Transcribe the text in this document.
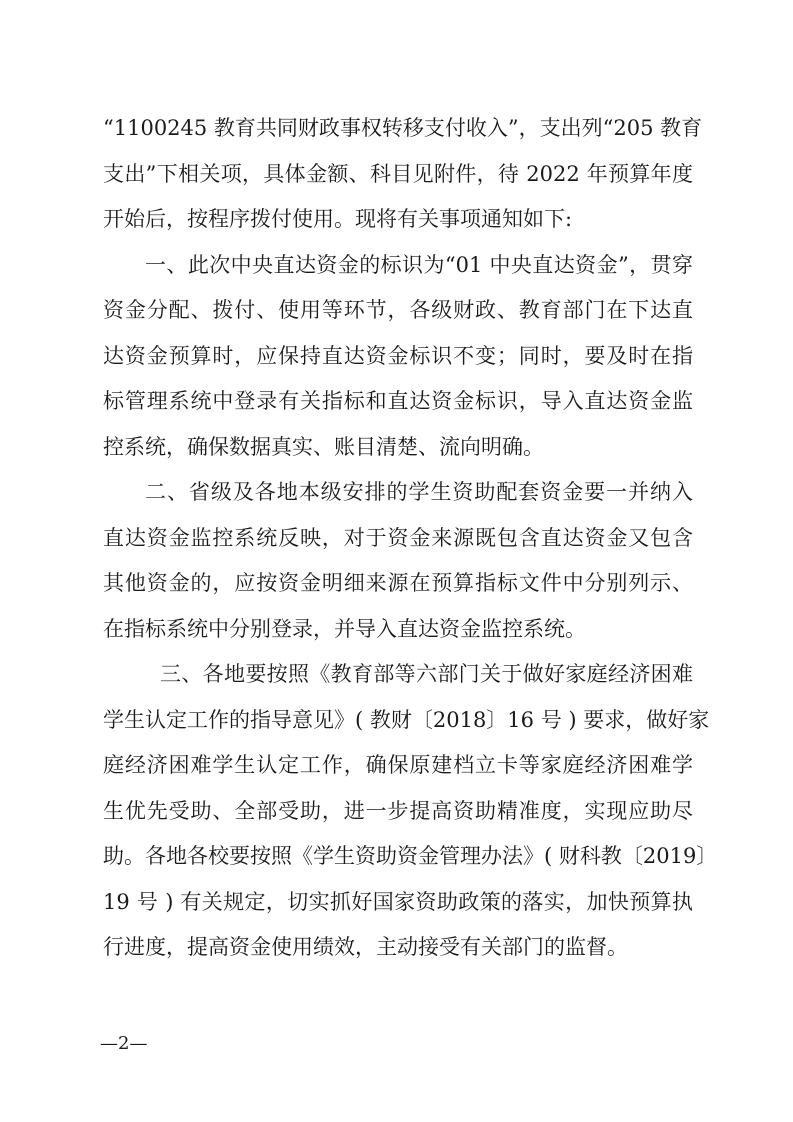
“1100245 教育共同财政事权转移支付收入”，支出列“205 教育
支出”下相关项，具体金额、科目见附件，待 2022 年预算年度
开始后，按程序拨付使用。现将有关事项通知如下:
一、此次中央直达资金的标识为“01 中央直达资金”，贯穿
资金分配、拨付、使用等环节，各级财政、教育部门在下达直
达资金预算时，应保持直达资金标识不变；同时，要及时在指
标管理系统中登录有关指标和直达资金标识，导入直达资金监
控系统，确保数据真实、账目清楚、流向明确。
二、省级及各地本级安排的学生资助配套资金要一并纳入
直达资金监控系统反映，对于资金来源既包含直达资金又包含
其他资金的，应按资金明细来源在预算指标文件中分别列示、
在指标系统中分别登录，并导入直达资金监控系统。
三、各地要按照《教育部等六部门关于做好家庭经济困难
学生认定工作的指导意见》( 教财〔2018〕16 号 ) 要求，做好家
庭经济困难学生认定工作，确保原建档立卡等家庭经济困难学
生优先受助、全部受助，进一步提高资助精准度，实现应助尽
助。各地各校要按照《学生资助资金管理办法》( 财科教〔2019〕
19 号 ) 有关规定，切实抓好国家资助政策的落实，加快预算执
行进度，提高资金使用绩效，主动接受有关部门的监督。
—2—
